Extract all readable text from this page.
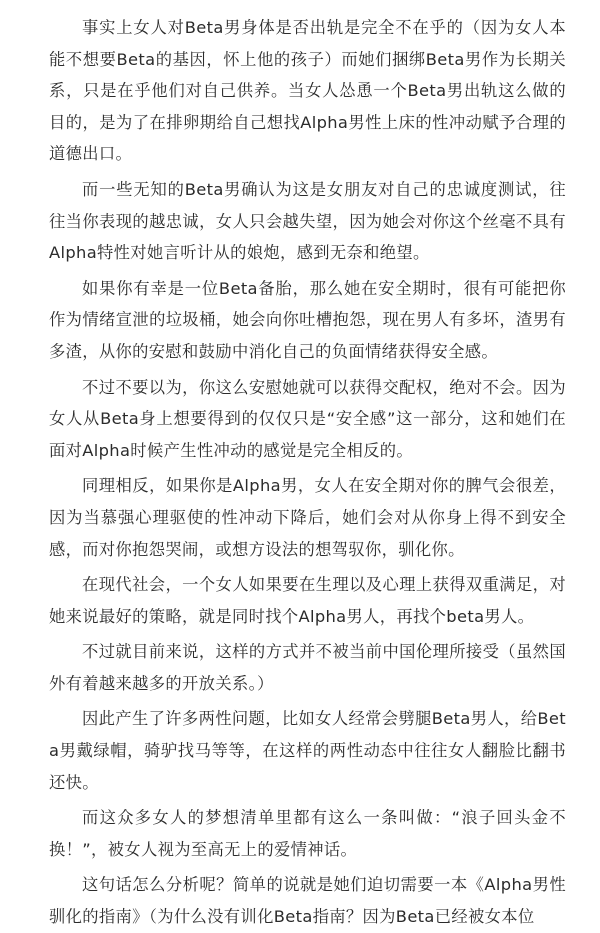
事实上女人对Beta男身体是否出轨是完全不在乎的（因为女人本能不想要Beta的基因，怀上他的孩子）而她们捆绑Beta男作为长期关系，只是在乎他们对自己供养。当女人怂恿一个Beta男出轨这么做的目的，是为了在排卵期给自己想找Alpha男性上床的性冲动赋予合理的道德出口。

而一些无知的Beta男确认为这是女朋友对自己的忠诚度测试，往往当你表现的越忠诚，女人只会越失望，因为她会对你这个丝毫不具有Alpha特性对她言听计从的娘炮，感到无奈和绝望。

如果你有幸是一位Beta备胎，那么她在安全期时，很有可能把你作为情绪宣泄的垃圾桶，她会向你吐槽抱怨，现在男人有多坏，渣男有多渣，从你的安慰和鼓励中消化自己的负面情绪获得安全感。

不过不要以为，你这么安慰她就可以获得交配权，绝对不会。因为女人从Beta身上想要得到的仅仅只是“安全感”这一部分，这和她们在面对Alpha时候产生性冲动的感觉是完全相反的。

同理相反，如果你是Alpha男，女人在安全期对你的脾气会很差，因为当慕强心理驱使的性冲动下降后，她们会对从你身上得不到安全感，而对你抱怨哭闹，或想方设法的想驾驭你，驯化你。

在现代社会，一个女人如果要在生理以及心理上获得双重满足，对她来说最好的策略，就是同时找个Alpha男人，再找个beta男人。

不过就目前来说，这样的方式并不被当前中国伦理所接受（虽然国外有着越来越多的开放关系。）

因此产生了许多两性问题，比如女人经常会劈腿Beta男人，给Beta男戴绿帽，骑驴找马等等，在这样的两性动态中往往女人翻脸比翻书还快。

而这众多女人的梦想清单里都有这么一条叫做：“浪子回头金不换！”，被女人视为至高无上的爱情神话。

这句话怎么分析呢？简单的说就是她们迫切需要一本《Alpha男性驯化的指南》（为什么没有训化Beta指南？因为Beta已经被女本位
